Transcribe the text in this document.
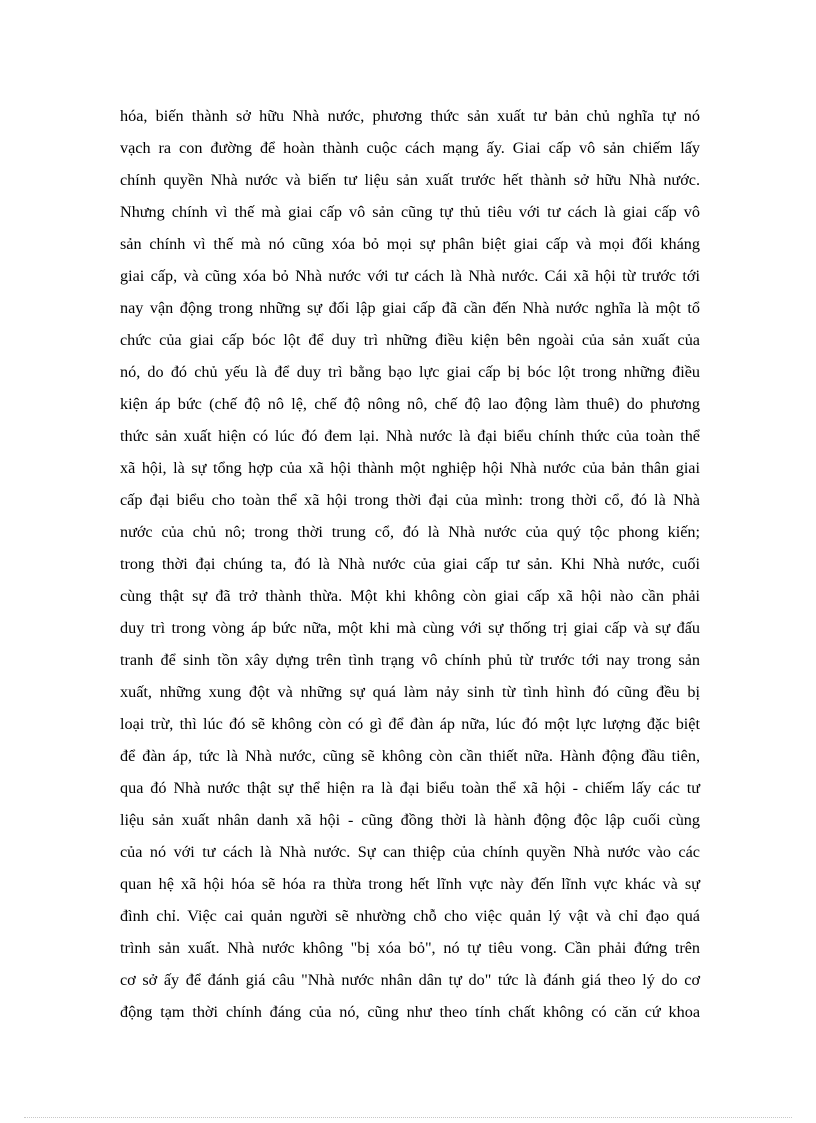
hóa, biến thành sở hữu Nhà nước, phương thức sản xuất tư bản chủ nghĩa tự nó
vạch ra con đường để hoàn thành cuộc cách mạng ấy. Giai cấp vô sản chiếm lấy
chính quyền Nhà nước và biến tư liệu sản xuất trước hết thành sở hữu Nhà nước.
Nhưng chính vì thế mà giai cấp vô sản cũng tự thủ tiêu với tư cách là giai cấp vô
sản chính vì thế mà nó cũng xóa bỏ mọi sự phân biệt giai cấp và mọi đối kháng
giai cấp, và cũng xóa bỏ Nhà nước với tư cách là Nhà nước. Cái xã hội từ trước tới
nay vận động trong những sự đối lập giai cấp đã cần đến Nhà nước nghĩa là một tổ
chức của giai cấp bóc lột để duy trì những điều kiện bên ngoài của sản xuất của
nó, do đó chủ yếu là để duy trì bằng bạo lực giai cấp bị bóc lột trong những điều
kiện áp bức (chế độ nô lệ, chế độ nông nô, chế độ lao động làm thuê) do phương
thức sản xuất hiện có lúc đó đem lại. Nhà nước là đại biểu chính thức của toàn thể
xã hội, là sự tổng hợp của xã hội thành một nghiệp hội Nhà nước của bản thân giai
cấp đại biểu cho toàn thể xã hội trong thời đại của mình: trong thời cổ, đó là Nhà
nước của chủ nô; trong thời trung cổ, đó là Nhà nước của quý tộc phong kiến;
trong thời đại chúng ta, đó là Nhà nước của giai cấp tư sản. Khi Nhà nước, cuối
cùng thật sự đã trở thành thừa. Một khi không còn giai cấp xã hội nào cần phải
duy trì trong vòng áp bức nữa, một khi mà cùng với sự thống trị giai cấp và sự đấu
tranh để sinh tồn xây dựng trên tình trạng vô chính phủ từ trước tới nay trong sản
xuất, những xung đột và những sự quá làm nảy sinh từ tình hình đó cũng đều bị
loại trừ, thì lúc đó sẽ không còn có gì để đàn áp nữa, lúc đó một lực lượng đặc biệt
để đàn áp, tức là Nhà nước, cũng sẽ không còn cần thiết nữa. Hành động đầu tiên,
qua đó Nhà nước thật sự thể hiện ra là đại biểu toàn thể xã hội - chiếm lấy các tư
liệu sản xuất nhân danh xã hội - cũng đồng thời là hành động độc lập cuối cùng
của nó với tư cách là Nhà nước. Sự can thiệp của chính quyền Nhà nước vào các
quan hệ xã hội hóa sẽ hóa ra thừa trong hết lĩnh vực này đến lĩnh vực khác và sự
đình chỉ. Việc cai quản người sẽ nhường chỗ cho việc quản lý vật và chỉ đạo quá
trình sản xuất. Nhà nước không "bị xóa bỏ", nó tự tiêu vong. Cần phải đứng trên
cơ sở ấy để đánh giá câu "Nhà nước nhân dân tự do" tức là đánh giá theo lý do cơ
động tạm thời chính đáng của nó, cũng như theo tính chất không có căn cứ khoa
